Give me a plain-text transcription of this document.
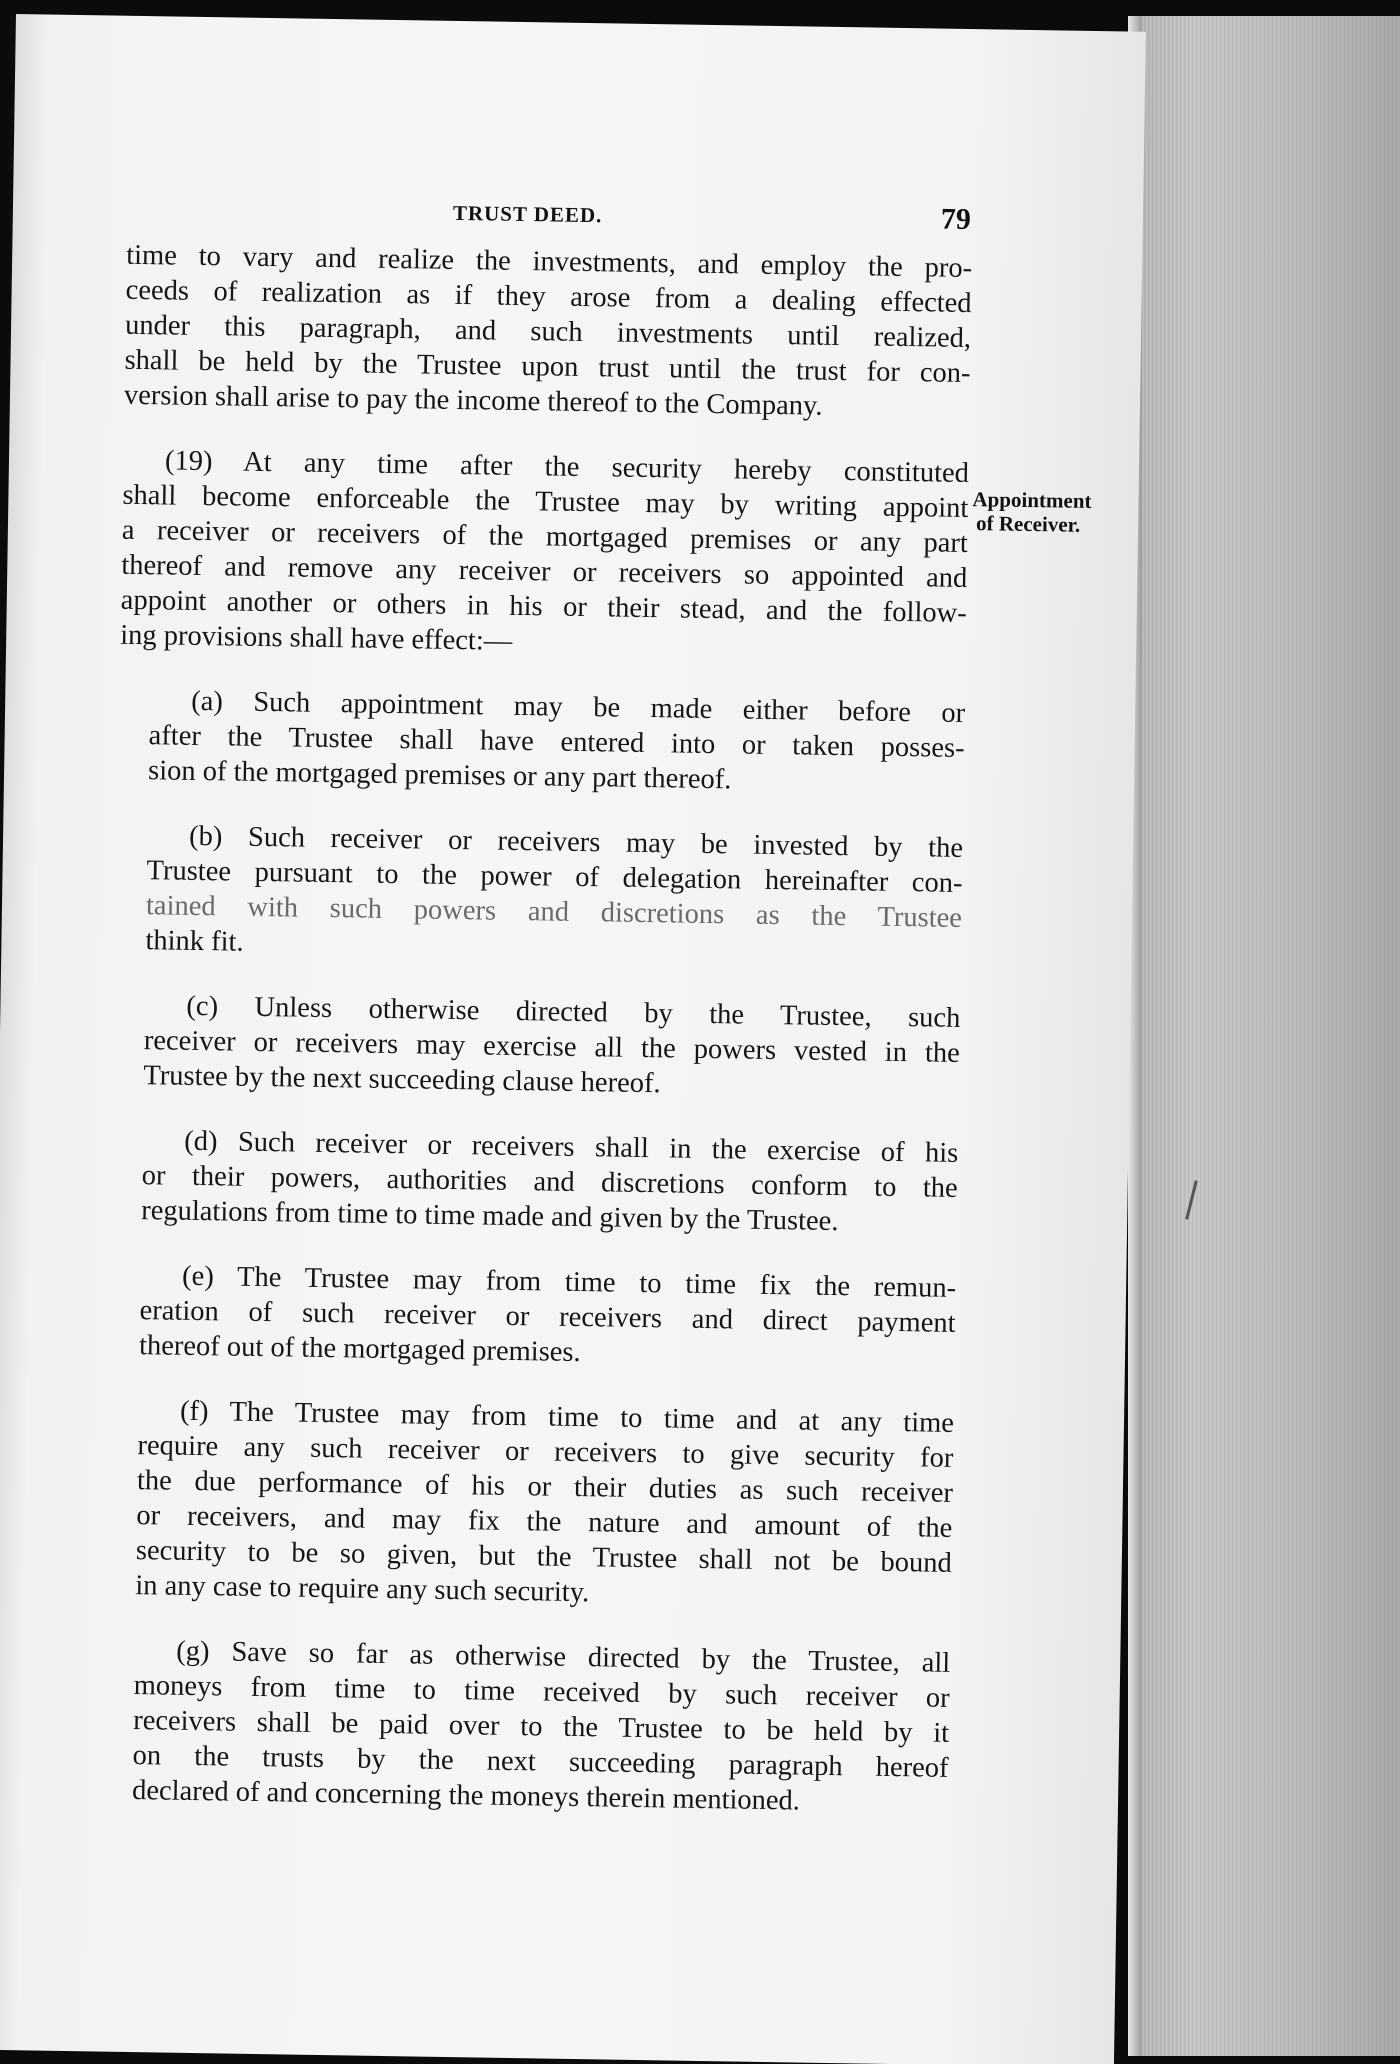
TRUST DEED.	79
Appointment
of Receiver.
time to vary and realize the investments, and employ the pro-
ceeds of realization as if they arose from a dealing effected
under this paragraph, and such investments until realized,
shall be held by the Trustee upon trust until the trust for con-
version shall arise to pay the income thereof to the Company.
(19) At any time after the security hereby constituted
shall become enforceable the Trustee may by writing appoint
a receiver or receivers of the mortgaged premises or any part
thereof and remove any receiver or receivers so appointed and
appoint another or others in his or their stead, and the follow-
ing provisions shall have effect:—
(a) Such appointment may be made either before or
after the Trustee shall have entered into or taken posses-
sion of the mortgaged premises or any part thereof.
(b) Such receiver or receivers may be invested by the
Trustee pursuant to the power of delegation hereinafter con-
tained with such powers and discretions as the Trustee
think fit.
(c) Unless otherwise directed by the Trustee, such
receiver or receivers may exercise all the powers vested in the
Trustee by the next succeeding clause hereof.
(d) Such receiver or receivers shall in the exercise of his
or their powers, authorities and discretions conform to the
regulations from time to time made and given by the Trustee.
(e) The Trustee may from time to time fix the remun-
eration of such receiver or receivers and direct payment
thereof out of the mortgaged premises.
(f) The Trustee may from time to time and at any time
require any such receiver or receivers to give security for
the due performance of his or their duties as such receiver
or receivers, and may fix the nature and amount of the
security to be so given, but the Trustee shall not be bound
in any case to require any such security.
(g) Save so far as otherwise directed by the Trustee, all
moneys from time to time received by such receiver or
receivers shall be paid over to the Trustee to be held by it
on the trusts by the next succeeding paragraph hereof
declared of and concerning the moneys therein mentioned.
